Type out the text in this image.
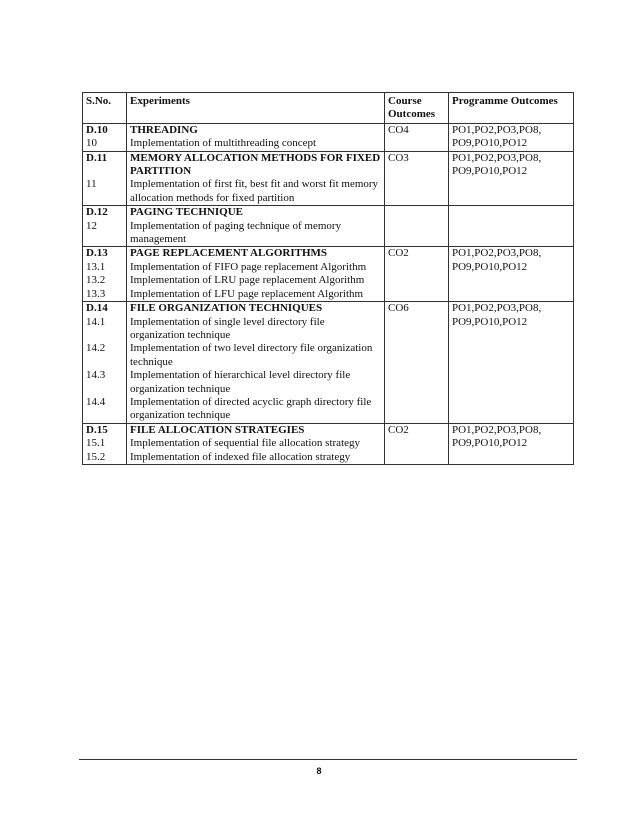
S.No.	Experiments	Course Outcomes	Programme Outcomes
D.10	THREADING	CO4	PO1,PO2,PO3,PO8, PO9,PO10,PO12
10	Implementation of multithreading concept		
D.11	MEMORY ALLOCATION METHODS FOR FIXED PARTITION	CO3	PO1,PO2,PO3,PO8, PO9,PO10,PO12
11	Implementation of first fit, best fit and worst fit memory allocation methods for fixed partition		
D.12	PAGING TECHNIQUE		
12	Implementation of paging technique of memory management		
D.13	PAGE REPLACEMENT ALGORITHMS	CO2	PO1,PO2,PO3,PO8, PO9,PO10,PO12
13.1	Implementation of FIFO page replacement Algorithm		
13.2	Implementation of LRU page replacement Algorithm		
13.3	Implementation of LFU page replacement Algorithm		
D.14	FILE ORGANIZATION TECHNIQUES	CO6	PO1,PO2,PO3,PO8, PO9,PO10,PO12
14.1	Implementation of single level directory file organization technique		
14.2	Implementation of two level directory file organization technique		
14.3	Implementation of hierarchical level directory file organization technique		
14.4	Implementation of directed acyclic graph directory file organization technique		
D.15	FILE ALLOCATION STRATEGIES	CO2	PO1,PO2,PO3,PO8, PO9,PO10,PO12
15.1	Implementation of sequential file allocation strategy		
15.2	Implementation of indexed file allocation strategy		
8
